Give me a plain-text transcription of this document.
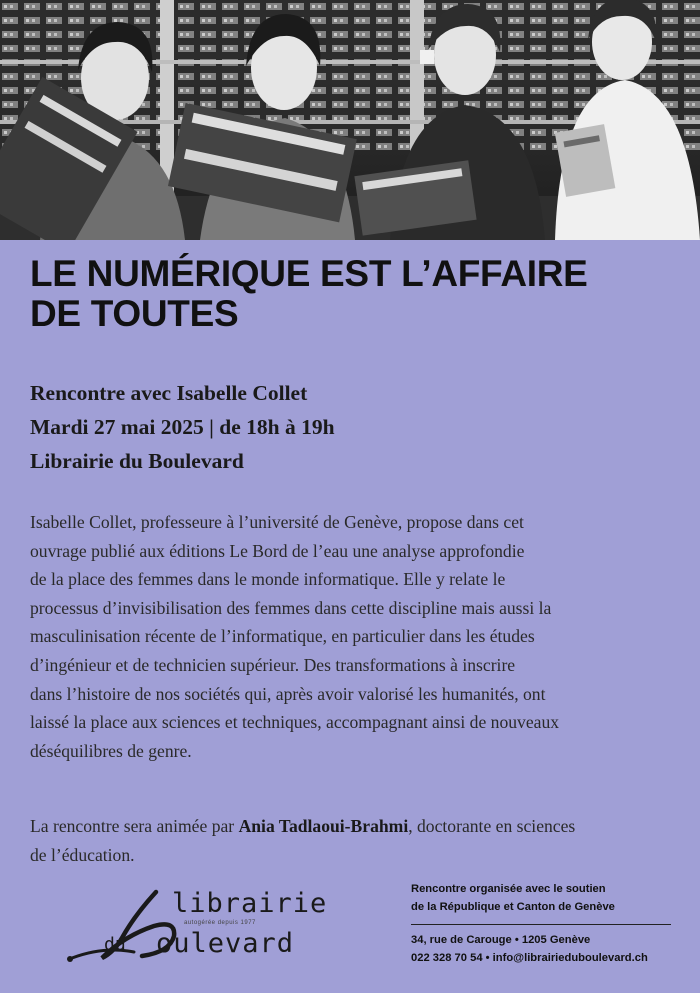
LE NUMÉRIQUE EST L’AFFAIRE
DE TOUTES
Rencontre avec Isabelle Collet
Mardi 27 mai 2025 | de 18h à 19h
Librairie du Boulevard

Isabelle Collet, professeure à l’université de Genève, propose dans cet
ouvrage publié aux éditions Le Bord de l’eau une analyse approfondie
de la place des femmes dans le monde informatique. Elle y relate le
processus d’invisibilisation des femmes dans cette discipline mais aussi la
masculinisation récente de l’informatique, en particulier dans les études
d’ingénieur et de technicien supérieur. Des transformations à inscrire
dans l’histoire de nos sociétés qui, après avoir valorisé les humanités, ont
laissé la place aux sciences et techniques, accompagnant ainsi de nouveaux
déséquilibres de genre.

La rencontre sera animée par Ania Tadlaoui-Brahmi, doctorante en sciences
de l’éducation.

librairie
autogérée depuis 1977
du oulevard
Rencontre organisée avec le soutien
de la République et Canton de Genève
34, rue de Carouge • 1205 Genève
022 328 70 54 • info@librairieduboulevard.ch
